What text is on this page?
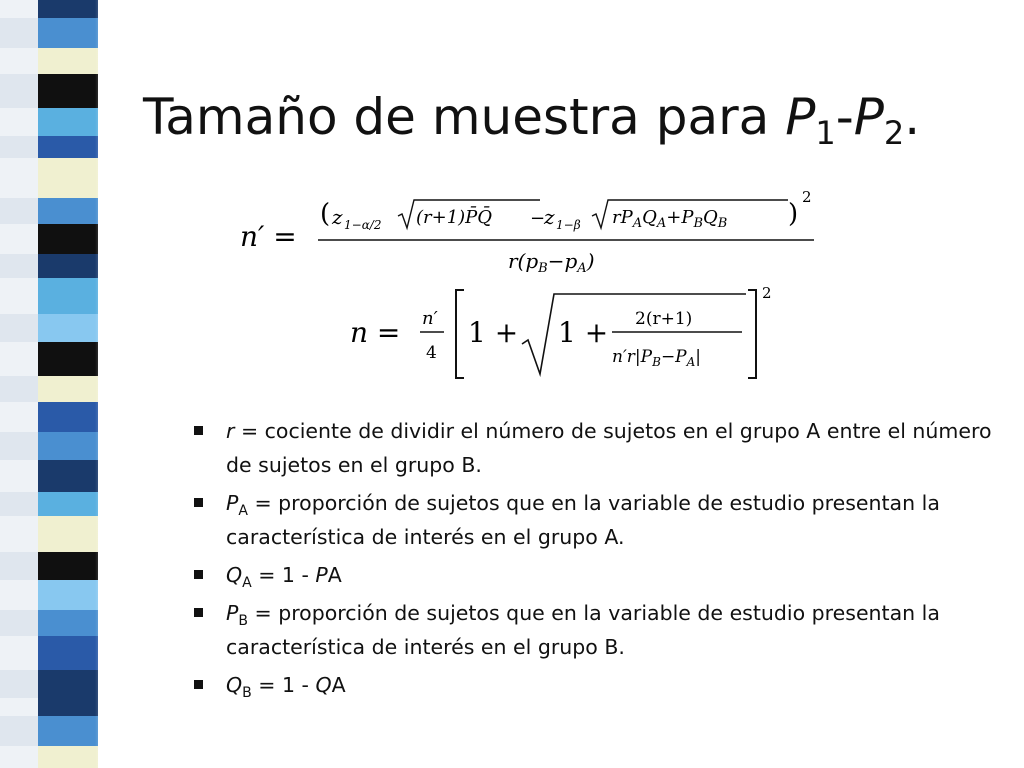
Tamaño de muestra para $P_1-P_2$.
n′ =
( z 1−α/2 (r+1)P̄Q̄ −
z 1−β $rP_AQ_A+P_BQ_B$ )
2
$r(p_B-p_A)$
n = n′
4
1 + 1 + 2(r+1)
$n'r|P_B-P_A|$
2
r = cociente de dividir el número de sujetos en el grupo A entre el número de sujetos en el grupo B.
$P_A$ = proporción de sujetos que en la variable de estudio presentan la característica de interés en el grupo A.
$Q_A = 1$ - PA
$P_B$ = proporción de sujetos que en la variable de estudio presentan la característica de interés en el grupo B.
$Q_B = 1$ - QA
